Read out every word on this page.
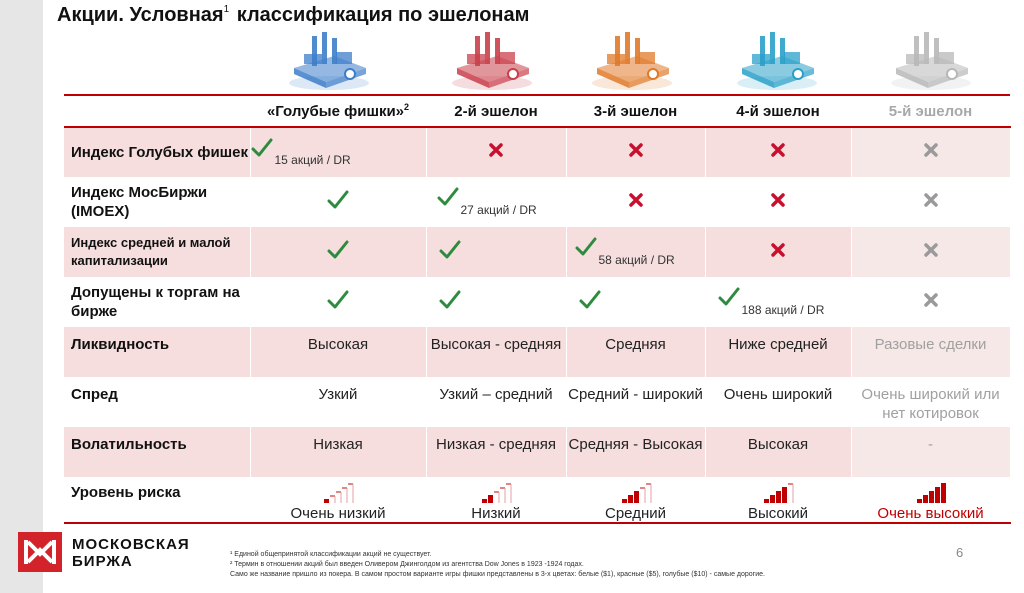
Акции. Условная$^1$ классификация по эшелонам
	«Голубые фишки»$^2$	2-й эшелон	3-й эшелон	4-й эшелон	5-й эшелон
Индекс Голубых фишек	$_{15 акций / DR}$				
Индекс МосБиржи (IMOEX)		$_{27 акций / DR}$			
Индекс средней и малой капитализации			$_{58 акций / DR}$		
Допущены к торгам на бирже				$_{188 акций / DR}$	
Ликвидность	Высокая	Высокая - средняя	Средняя	Ниже средней	Разовые сделки
Спред	Узкий	Узкий – средний	Средний - широкий	Очень широкий	Очень широкий или нет котировок
Волатильность	Низкая	Низкая - средняя	Средняя - Высокая	Высокая	-
Уровень риска	Очень низкий	Низкий	Средний	Высокий	Очень высокий
МОСКОВСКАЯ
БИРЖА	¹ Единой общепринятой классификации акций не существует.
² Термин в отношении акций был введен Оливером Джинголдом из агентства Dow Jones в 1923 -1924 годах.
Само же название пришло из покера. В самом простом варианте игры фишки представлены в 3-х цветах: белые ($1), красные ($5), голубые ($10) - самые дорогие.
6
